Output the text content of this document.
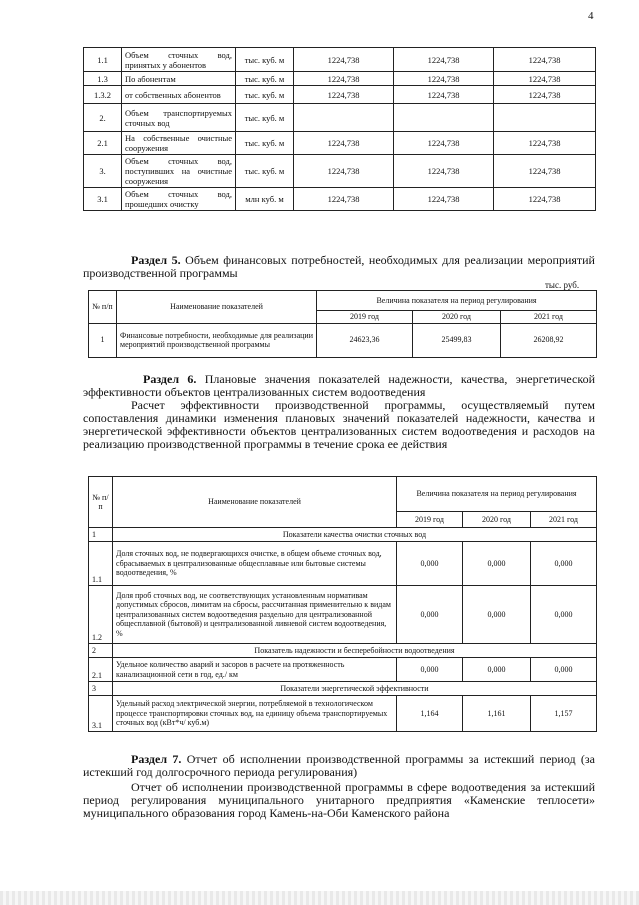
4
1.1	Объем сточных вод, принятых у абонентов	тыс. куб. м	1224,738	1224,738	1224,738
1.3	По абонентам	тыс. куб. м	1224,738	1224,738	1224,738
1.3.2	от собственных абонентов	тыс. куб. м	1224,738	1224,738	1224,738
2.	Объем транспортируемых сточных вод	тыс. куб. м			
2.1	На собственные очистные сооружения	тыс. куб. м	1224,738	1224,738	1224,738
3.	Объем сточных вод, поступивших на очистные сооружения	тыс. куб. м	1224,738	1224,738	1224,738
3.1	Объем сточных вод, прошедших очистку	млн куб. м	1224,738	1224,738	1224,738
Раздел 5. Объем финансовых потребностей, необходимых для реализации мероприятий производственной программы
тыс. руб.
№ п/п	Наименование показателей	Величина показателя на период регулирования		
		2019 год	2020 год	2021 год
1	Финансовые потребности, необходимые для реализации мероприятий производственной программы	24623,36	25499,83	26208,92
Раздел 6. Плановые значения показателей надежности, качества, энергетической эффективности объектов централизованных систем водоотведения
Расчет эффективности производственной программы, осуществляемый путем сопоставления динамики изменения плановых значений показателей надежности, качества и энергетической эффективности объектов централизованных систем водоотведения и расходов на реализацию производственной программы в течение срока ее действия
№ п/п	Наименование показателей	Величина показателя на период регулирования		
		2019 год	2020 год	2021 год
1	Показатели качества очистки сточных вод			
1.1	Доля сточных вод, не подвергающихся очистке, в общем объеме сточных вод, сбрасываемых в централизованные общесплавные или бытовые системы водоотведения, %	0,000	0,000	0,000
1.2	Доля проб сточных вод, не соответствующих установленным нормативам допустимых сбросов, лимитам на сбросы, рассчитанная применительно к видам централизованных систем водоотведения раздельно для централизованной общесплавной (бытовой) и централизованной ливневой систем водоотведения, %	0,000	0,000	0,000
2	Показатель надежности и бесперебойности водоотведения			
2.1	Удельное количество аварий и засоров в расчете на протяженность канализационной сети в год, ед./ км	0,000	0,000	0,000
3	Показатели энергетической эффективности			
3.1	Удельный расход электрической энергии, потребляемой в технологическом процессе транспортировки сточных вод, на единицу объема транспортируемых сточных вод (кВт*ч/ куб.м)	1,164	1,161	1,157
Раздел 7. Отчет об исполнении производственной программы за истекший период (за истекший год долгосрочного периода регулирования)
Отчет об исполнении производственной программы в сфере водоотведения за истекший период регулирования муниципального унитарного предприятия «Каменские теплосети» муниципального образования город Камень-на-Оби Каменского района
